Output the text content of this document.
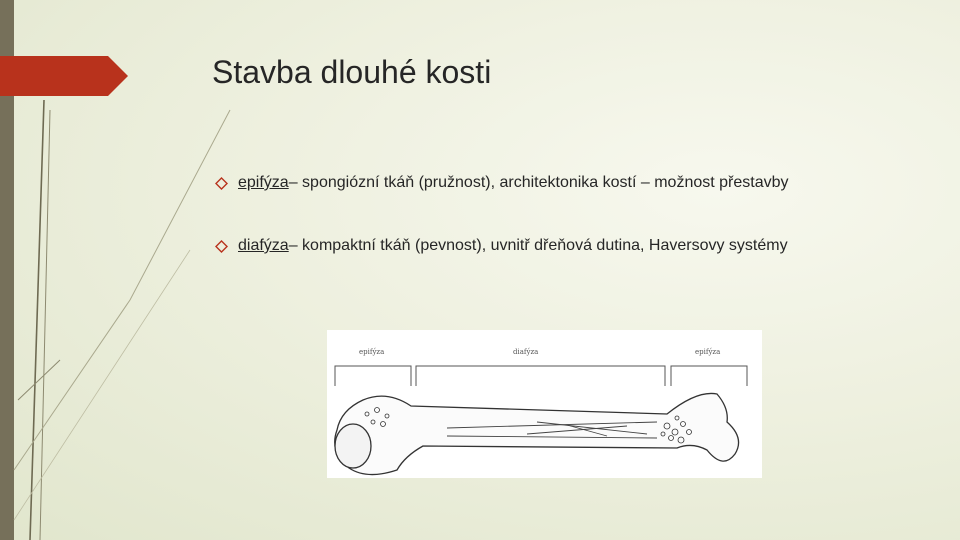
Stavba dlouhé kosti
epifýza – spongiózní tkáň (pružnost), architektonika kostí – možnost přestavby
diafýza – kompaktní tkáň (pevnost), uvnitř dřeňová dutina, Haversovy systémy
epifýza	diafýza	epifýza
